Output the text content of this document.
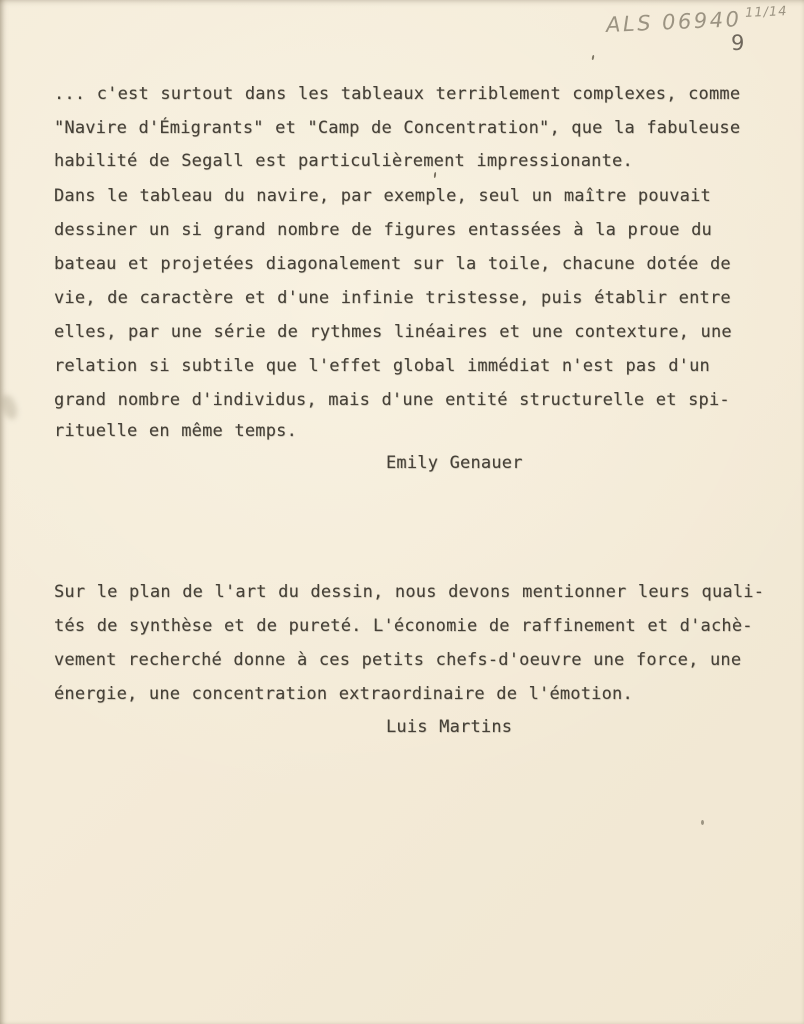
ALS 06940 $^{11/14}$
9
... c'est surtout dans les tableaux terriblement complexes, comme
"Navire d'Émigrants" et "Camp de Concentration", que la fabuleuse
habilité de Segall est particulièrement impressionante.
Dans le tableau du navire, par exemple, seul un maître pouvait
dessiner un si grand nombre de figures entassées à la proue du
bateau et projetées diagonalement sur la toile, chacune dotée de
vie, de caractère et d'une infinie tristesse, puis établir entre
elles, par une série de rythmes linéaires et une contexture, une
relation si subtile que l'effet global immédiat n'est pas d'un
grand nombre d'individus, mais d'une entité structurelle et spi-
rituelle en même temps.
Emily Genauer
Sur le plan de l'art du dessin, nous devons mentionner leurs quali-
tés de synthèse et de pureté. L'économie de raffinement et d'achè-
vement recherché donne à ces petits chefs-d'oeuvre une force, une
énergie, une concentration extraordinaire de l'émotion.
Luis Martins
